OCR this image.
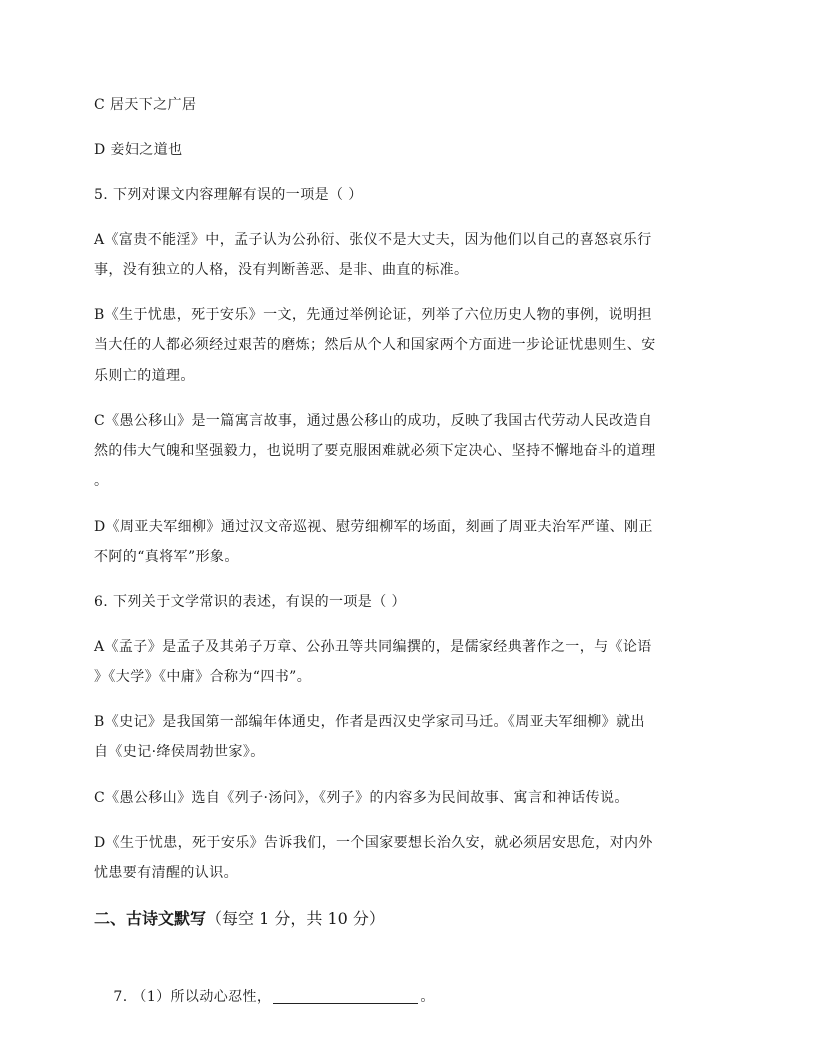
C 居天下之广居
D 妾妇之道也
5. 下列对课文内容理解有误的一项是（ ）
A《富贵不能淫》中，孟子认为公孙衍、张仪不是大丈夫，因为他们以自己的喜怒哀乐行
事，没有独立的人格，没有判断善恶、是非、曲直的标准。
B《生于忧患，死于安乐》一文，先通过举例论证，列举了六位历史人物的事例，说明担
当大任的人都必须经过艰苦的磨炼；然后从个人和国家两个方面进一步论证忧患则生、安
乐则亡的道理。
C《愚公移山》是一篇寓言故事，通过愚公移山的成功，反映了我国古代劳动人民改造自
然的伟大气魄和坚强毅力，也说明了要克服困难就必须下定决心、坚持不懈地奋斗的道理
。
D《周亚夫军细柳》通过汉文帝巡视、慰劳细柳军的场面，刻画了周亚夫治军严谨、刚正
不阿的“真将军”形象。
6. 下列关于文学常识的表述，有误的一项是（ ）
A《孟子》是孟子及其弟子万章、公孙丑等共同编撰的，是儒家经典著作之一，与《论语
》《大学》《中庸》合称为“四书”。
B《史记》是我国第一部编年体通史，作者是西汉史学家司马迁。《周亚夫军细柳》就出
自《史记·绛侯周勃世家》。
C《愚公移山》选自《列子·汤问》，《列子》的内容多为民间故事、寓言和神话传说。
D《生于忧患，死于安乐》告诉我们，一个国家要想长治久安，就必须居安思危，对内外
忧患要有清醒的认识。
二、古诗文默写（每空 1 分，共 10 分）

7. （1）所以动心忍性，	。
